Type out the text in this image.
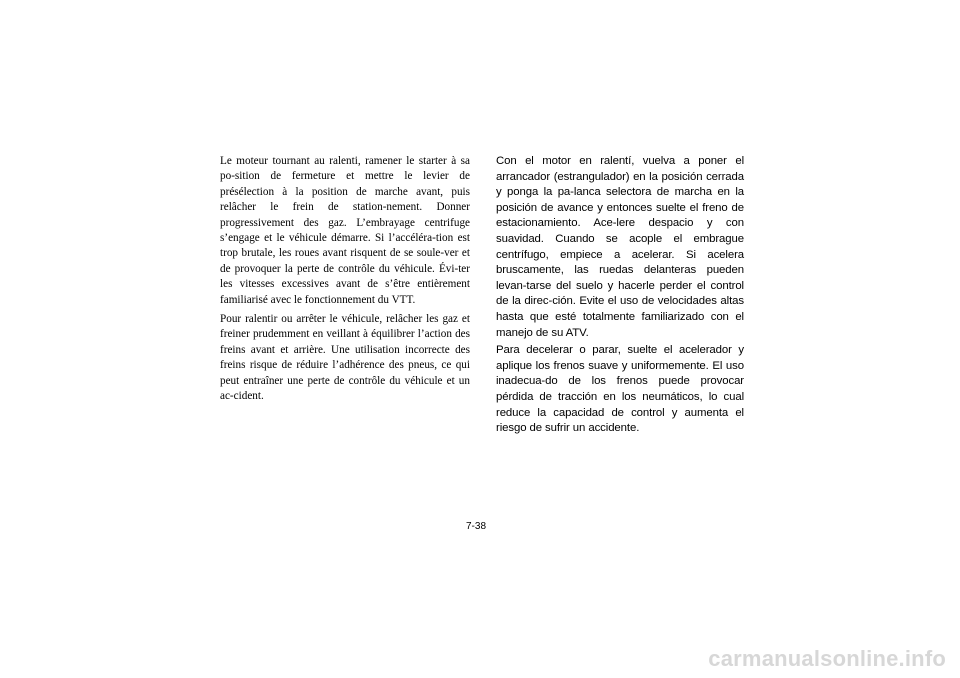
Le moteur tournant au ralenti, ramener le starter à sa po-sition de fermeture et mettre le levier de présélection à la position de marche avant, puis relâcher le frein de station-nement. Donner progressivement des gaz. L’embrayage centrifuge s’engage et le véhicule démarre. Si l’accéléra-tion est trop brutale, les roues avant risquent de se soule-ver et de provoquer la perte de contrôle du véhicule. Évi-ter les vitesses excessives avant de s’être entièrement familiarisé avec le fonctionnement du VTT.

Pour ralentir ou arrêter le véhicule, relâcher les gaz et freiner prudemment en veillant à équilibrer l’action des freins avant et arrière. Une utilisation incorrecte des freins risque de réduire l’adhérence des pneus, ce qui peut entraîner une perte de contrôle du véhicule et un ac-cident.

Con el motor en ralentí, vuelva a poner el arrancador (estrangulador) en la posición cerrada y ponga la pa-lanca selectora de marcha en la posición de avance y entonces suelte el freno de estacionamiento. Ace-lere despacio y con suavidad. Cuando se acople el embrague centrífugo, empiece a acelerar. Si acelera bruscamente, las ruedas delanteras pueden levan-tarse del suelo y hacerle perder el control de la direc-ción. Evite el uso de velocidades altas hasta que esté totalmente familiarizado con el manejo de su ATV.

Para decelerar o parar, suelte el acelerador y aplique los frenos suave y uniformemente. El uso inadecua-do de los frenos puede provocar pérdida de tracción en los neumáticos, lo cual reduce la capacidad de control y aumenta el riesgo de sufrir un accidente.

7-38
carmanualsonline.info
